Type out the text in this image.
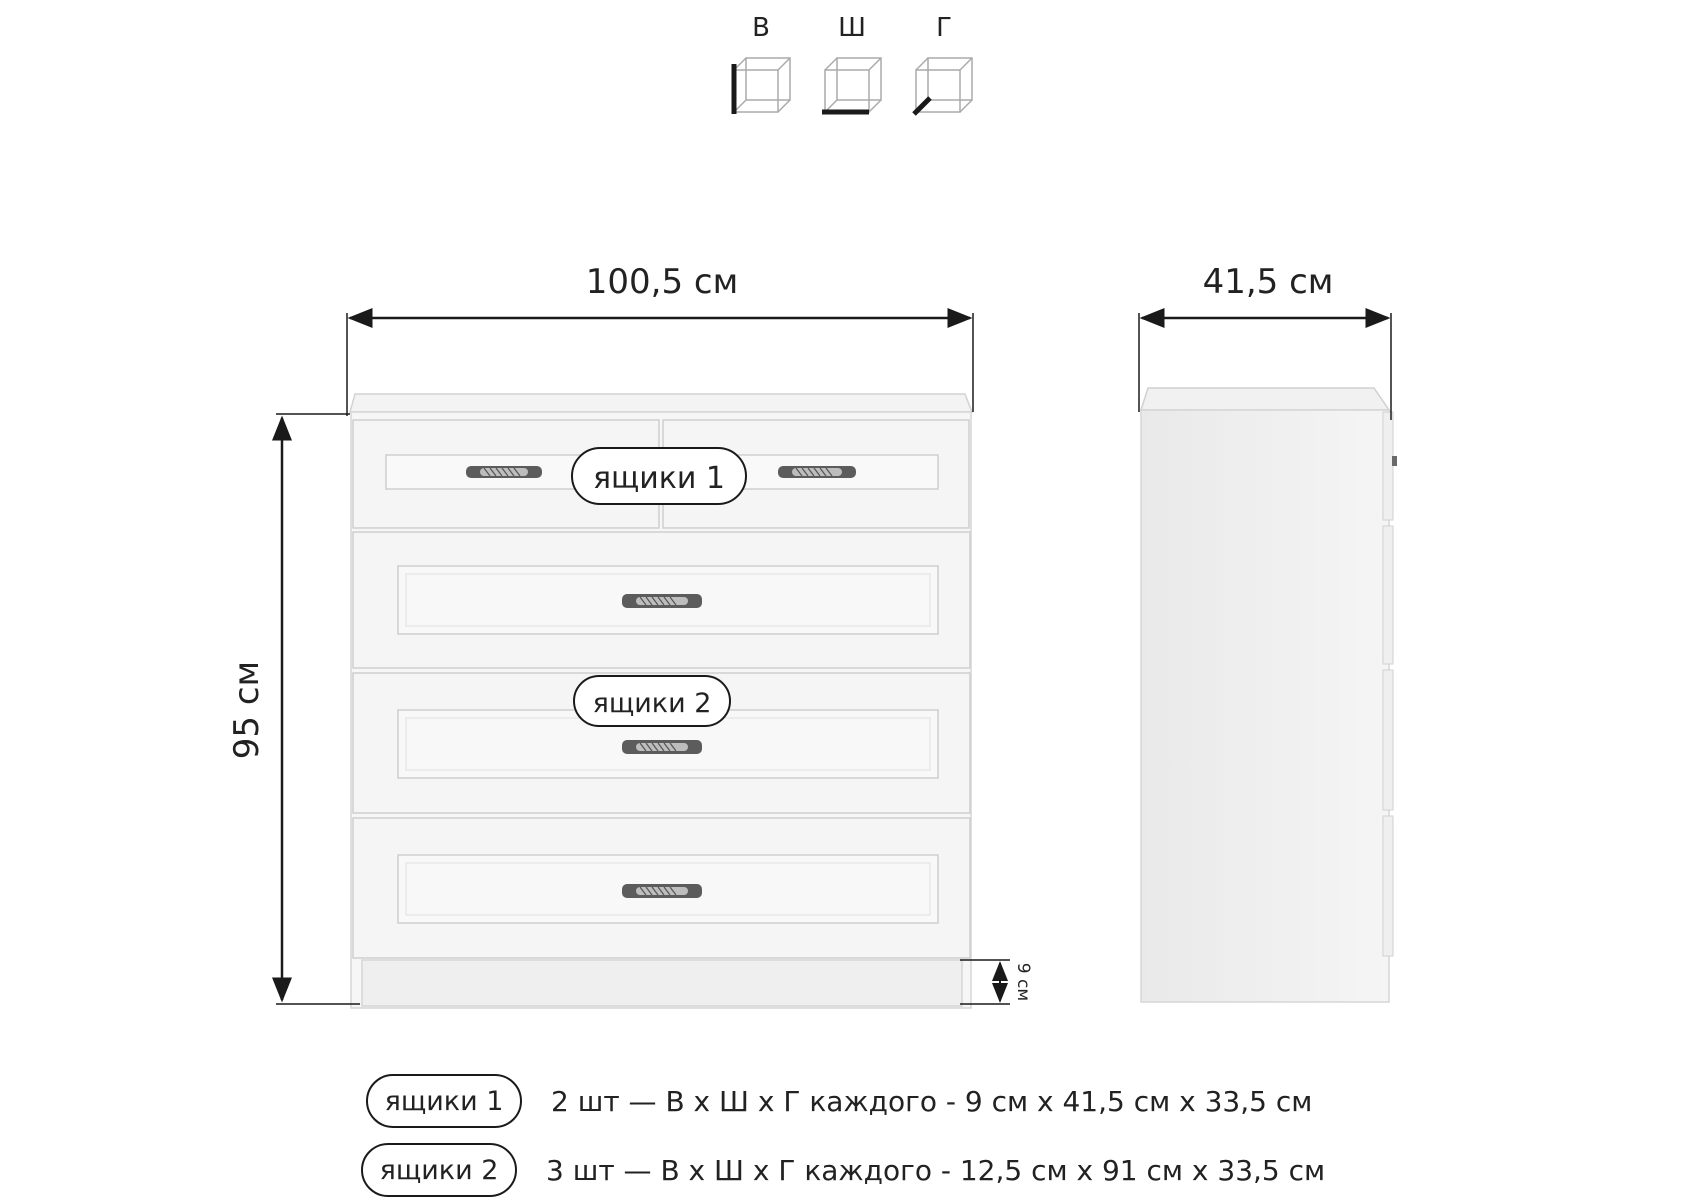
В	Ш	Г
ящики 1
ящики 2
100,5 см
95 см
9 см
41,5 см
ящики 1 2 шт — В х Ш х Г каждого - 9 см х 41,5 см х 33,5 см
ящики 2 3 шт — В х Ш х Г каждого - 12,5 см х 91 см х 33,5 см
